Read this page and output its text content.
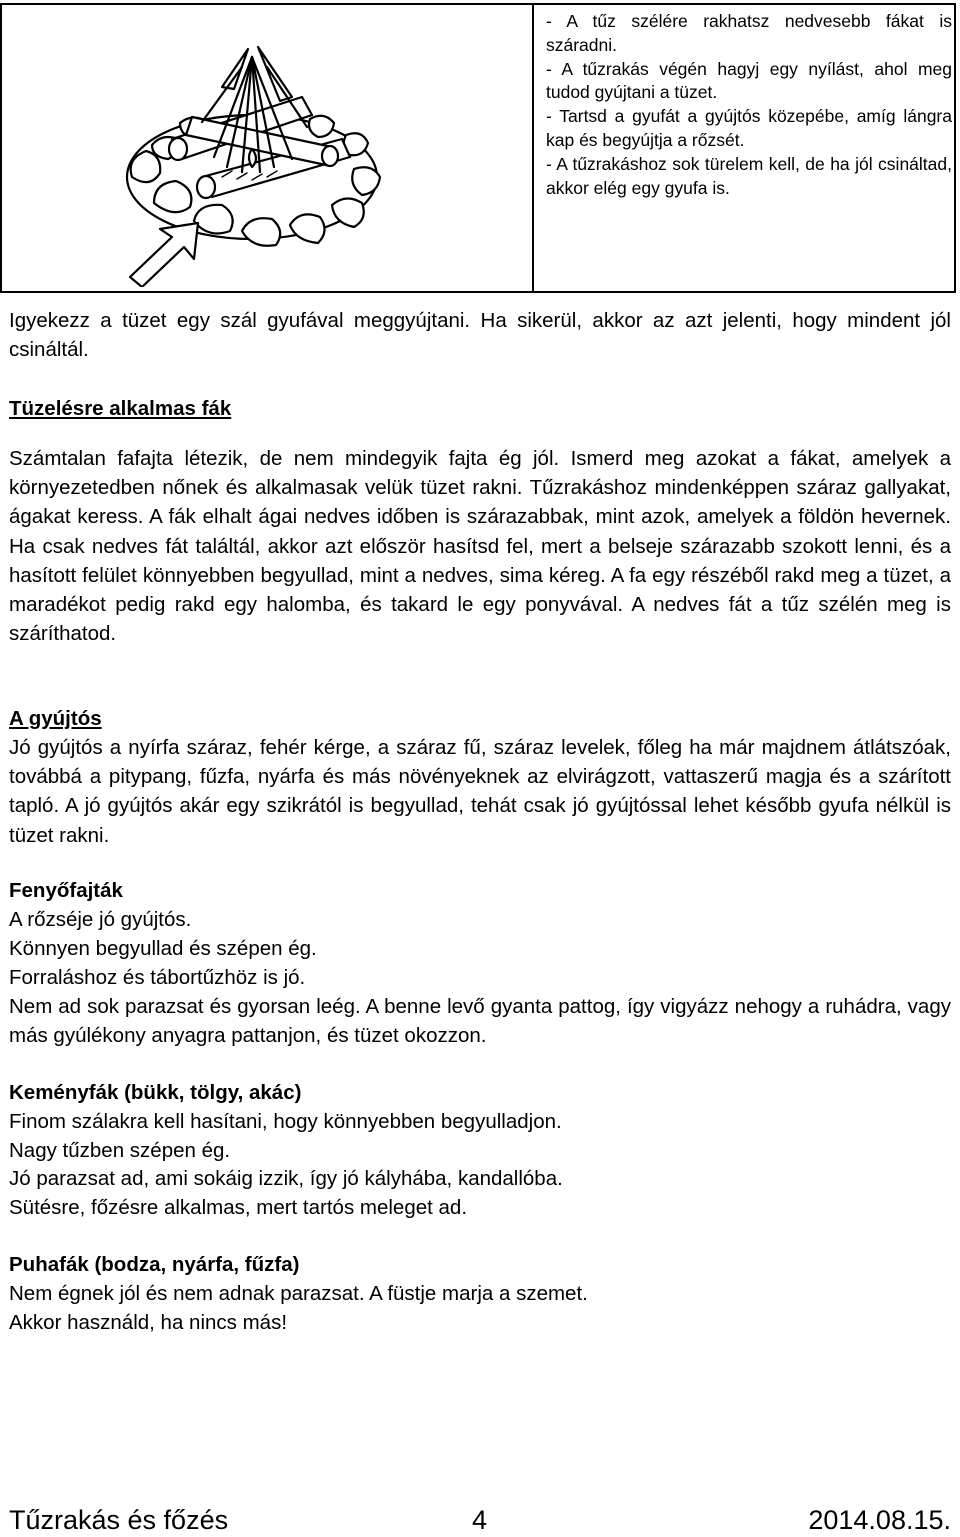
- A tűz szélére rakhatsz nedvesebb fákat is száradni.
- A tűzrakás végén hagyj egy nyílást, ahol meg tudod gyújtani a tüzet.
- Tartsd a gyufát a gyújtós közepébe, amíg lángra kap és begyújtja a rőzsét.
- A tűzrakáshoz sok türelem kell, de ha jól csináltad, akkor elég egy gyufa is.

Igyekezz a tüzet egy szál gyufával meggyújtani. Ha sikerül, akkor az azt jelenti, hogy mindent jól csináltál.

Tüzelésre alkalmas fák

Számtalan fafajta létezik, de nem mindegyik fajta ég jól. Ismerd meg azokat a fákat, amelyek a környezetedben nőnek és alkalmasak velük tüzet rakni. Tűzrakáshoz mindenképpen száraz gallyakat, ágakat keress. A fák elhalt ágai nedves időben is szárazabbak, mint azok, amelyek a földön hevernek. Ha csak nedves fát találtál, akkor azt először hasítsd fel, mert a belseje szárazabb szokott lenni, és a hasított felület könnyebben begyullad, mint a nedves, sima kéreg. A fa egy részéből rakd meg a tüzet, a maradékot pedig rakd egy halomba, és takard le egy ponyvával. A nedves fát a tűz szélén meg is száríthatod.

A gyújtós

Jó gyújtós a nyírfa száraz, fehér kérge, a száraz fű, száraz levelek, főleg ha már majdnem átlátszóak, továbbá a pitypang, fűzfa, nyárfa és más növényeknek az elvirágzott, vattaszerű magja és a szárított tapló. A jó gyújtós akár egy szikrától is begyullad, tehát csak jó gyújtóssal lehet később gyufa nélkül is tüzet rakni.

Fenyőfajták

A rőzséje jó gyújtós.

Könnyen begyullad és szépen ég.

Forraláshoz és tábortűzhöz is jó.

Nem ad sok parazsat és gyorsan leég. A benne levő gyanta pattog, így vigyázz nehogy a ruhádra, vagy más gyúlékony anyagra pattanjon, és tüzet okozzon.

Keményfák (bükk, tölgy, akác)

Finom szálakra kell hasítani, hogy könnyebben begyulladjon.

Nagy tűzben szépen ég.

Jó parazsat ad, ami sokáig izzik, így jó kályhába, kandallóba.

Sütésre, főzésre alkalmas, mert tartós meleget ad.

Puhafák (bodza, nyárfa, fűzfa)

Nem égnek jól és nem adnak parazsat. A füstje marja a szemet.

Akkor használd, ha nincs más!

Tűzrakás és főzés	4	2014.08.15.
